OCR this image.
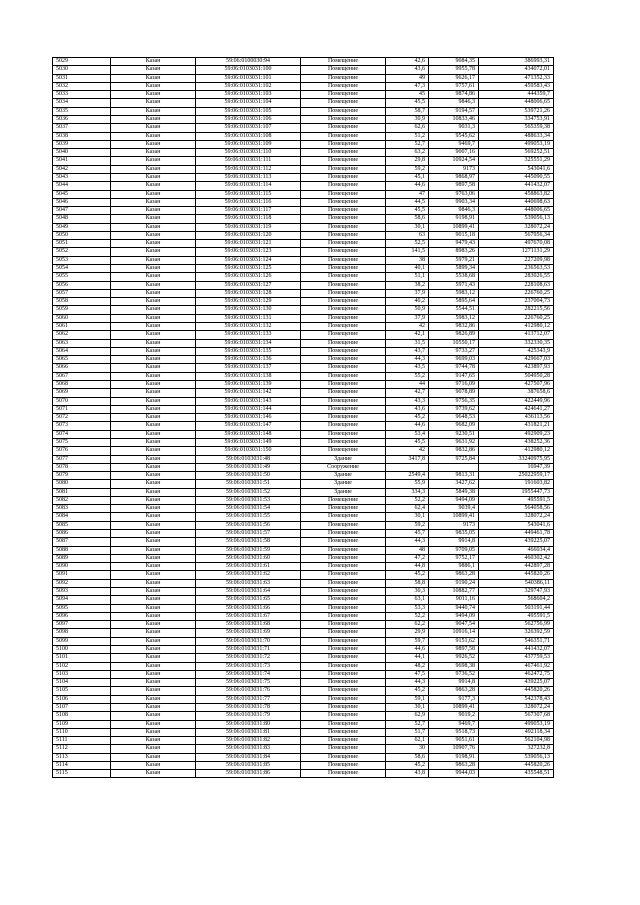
5029	Казан	59:06:0100030:94	Помещение	42,6	9084,35	386993,31
5030	Казан	59:06:0103031:100	Помещение	43,6	9955,78	434072,01
5031	Казан	59:06:0103031:101	Помещение	49	9626,17	471352,33
5032	Казан	59:06:0103031:102	Помещение	47,3	9757,61	459583,43
5033	Казан	59:06:0103031:103	Помещение	45	9874,86	444359,7
5034	Казан	59:06:0103031:104	Помещение	45,5	9846,3	448006,65
5035	Казан	59:06:0103031:105	Помещение	58,7	9194,57	539721,26
5036	Казан	59:06:0103031:106	Помещение	30,9	10833,46	334753,91
5037	Казан	59:06:0103031:107	Помещение	62,6	9031,3	565359,38
5038	Казан	59:06:0103031:108	Помещение	51,2	9545,62	488633,34
5039	Казан	59:06:0103031:109	Помещение	52,7	9469,7	499053,19
5040	Казан	59:06:0103031:110	Помещение	63,2	9007,16	569252,51
5041	Казан	59:06:0103031:111	Помещение	29,8	10924,54	325551,29
5042	Казан	59:06:0103031:112	Помещение	59,2	9173	543041,6
5043	Казан	59:06:0103031:113	Помещение	45,1	9868,97	445090,55
5044	Казан	59:06:0103031:114	Помещение	44,6	9897,58	441432,07
5045	Казан	59:06:0103031:115	Помещение	47	9763,06	458863,82
5046	Казан	59:06:0103031:116	Помещение	44,5	9903,34	440698,63
5047	Казан	59:06:0103031:117	Помещение	45,5	9846,3	448006,65
5048	Казан	59:06:0103031:118	Помещение	58,6	9198,91	539056,13
5049	Казан	59:06:0103031:119	Помещение	30,1	10899,41	328072,24
5050	Казан	59:06:0103031:120	Помещение	63	9015,18	567956,34
5051	Казан	59:06:0103031:121	Помещение	52,5	9479,43	497670,08
5052	Казан	59:06:0103031:123	Помещение	141,5	8983,26	1271131,29
5053	Казан	59:06:0103031:124	Помещение	38	5979,21	227209,98
5054	Казан	59:06:0103031:125	Помещение	40,1	5899,34	236563,53
5055	Казан	59:06:0103031:126	Помещение	51,1	5538,68	283026,55
5056	Казан	59:06:0103031:127	Помещение	38,2	5971,43	228108,63
5057	Казан	59:06:0103031:128	Помещение	37,9	5983,12	226760,25
5058	Казан	59:06:0103031:129	Помещение	40,2	5895,64	237004,73
5059	Казан	59:06:0103031:130	Помещение	50,9	5544,51	282215,56
5060	Казан	59:06:0103031:131	Помещение	37,9	5983,12	226760,25
5061	Казан	59:06:0103031:132	Помещение	42	9832,86	412980,12
5062	Казан	59:06:0103031:133	Помещение	42,1	9826,89	413712,07
5063	Казан	59:06:0103031:134	Помещение	31,5	10550,17	332330,35
5064	Казан	59:06:0103031:135	Помещение	43,7	9733,27	425343,9
5065	Казан	59:06:0103031:136	Помещение	44,3	9699,03	429667,03
5066	Казан	59:06:0103031:137	Помещение	43,5	9744,78	423897,93
5067	Казан	59:06:0103031:138	Помещение	55,2	9147,65	504950,28
5068	Казан	59:06:0103031:139	Помещение	44	9716,09	427507,96
5069	Казан	59:06:0103031:142	Помещение	42,7	9078,89	387658,6
5070	Казан	59:06:0103031:143	Помещение	43,3	9756,35	422449,96
5071	Казан	59:06:0103031:144	Помещение	43,6	9739,62	424641,27
5072	Казан	59:06:0103031:146	Помещение	45,2	9648,53	436113,56
5073	Казан	59:06:0103031:147	Помещение	44,6	9682,09	431821,21
5074	Казан	59:06:0103031:148	Помещение	53,4	9230,51	492909,23
5075	Казан	59:06:0103031:149	Помещение	45,5	9631,92	438252,36
5076	Казан	59:06:0103031:150	Помещение	42	9832,86	412980,12
5077	Казан	59:06:0103031:48	Здание	3417,8	9725,84	33240975,95
5078	Казан	59:06:0103031:49	Сооружение			16947,39
5079	Казан	59:06:0103031:50	Здание	2549,4	9813,31	25022959,17
5080	Казан	59:06:0103031:51	Здание	55,9	3427,62	191603,82
5081	Казан	59:06:0103031:52	Здание	334,3	5849,38	1955447,73
5082	Казан	59:06:0103031:53	Помещение	52,2	9494,09	495591,5
5083	Казан	59:06:0103031:54	Помещение	62,4	9039,4	564058,56
5084	Казан	59:06:0103031:55	Помещение	30,1	10899,41	328072,24
5085	Казан	59:06:0103031:56	Помещение	59,2	9173	543041,6
5086	Казан	59:06:0103031:57	Помещение	45,7	9835,05	449461,78
5087	Казан	59:06:0103031:58	Помещение	44,3	9914,8	439225,07
5088	Казан	59:06:0103031:59	Помещение	48	9709,05	466034,4
5089	Казан	59:06:0103031:60	Помещение	47,2	9752,17	460302,42
5090	Казан	59:06:0103031:61	Помещение	44,8	9886,1	442897,28
5091	Казан	59:06:0103031:62	Помещение	45,2	9863,28	445820,26
5092	Казан	59:06:0103031:63	Помещение	58,8	9190,24	540386,11
5093	Казан	59:06:0103031:64	Помещение	30,3	10882,77	329747,93
5094	Казан	59:06:0103031:65	Помещение	63,1	9011,16	568604,2
5095	Казан	59:06:0103031:66	Помещение	53,3	9440,74	503191,44
5096	Казан	59:06:0103031:67	Помещение	52,2	9494,09	495591,5
5097	Казан	59:06:0103031:68	Помещение	62,2	9047,54	562756,99
5098	Казан	59:06:0103031:69	Помещение	29,9	10916,14	326392,59
5099	Казан	59:06:0103031:70	Помещение	59,7	9151,62	546351,71
5100	Казан	59:06:0103031:71	Помещение	44,6	9897,58	441432,07
5101	Казан	59:06:0103031:72	Помещение	44,1	9926,52	437759,53
5102	Казан	59:06:0103031:73	Помещение	48,2	9698,38	467461,92
5103	Казан	59:06:0103031:74	Помещение	47,5	9736,52	462472,75
5104	Казан	59:06:0103031:75	Помещение	44,3	9914,8	439225,07
5105	Казан	59:06:0103031:76	Помещение	45,2	9863,28	445820,26
5106	Казан	59:06:0103031:77	Помещение	59,1	9177,3	542378,43
5107	Казан	59:06:0103031:78	Помещение	30,1	10899,41	328072,24
5108	Казан	59:06:0103031:79	Помещение	62,9	9019,2	567307,68
5109	Казан	59:06:0103031:80	Помещение	52,7	9469,7	499053,19
5110	Казан	59:06:0103031:81	Помещение	51,7	9518,73	492118,34
5111	Казан	59:06:0103031:82	Помещение	62,1	9051,61	562104,98
5112	Казан	59:06:0103031:83	Помещение	30	10907,76	327232,8
5113	Казан	59:06:0103031:84	Помещение	58,6	9198,91	539056,13
5114	Казан	59:06:0103031:85	Помещение	45,2	9863,28	445820,26
5115	Казан	59:06:0103031:86	Помещение	43,8	9944,03	435548,51
